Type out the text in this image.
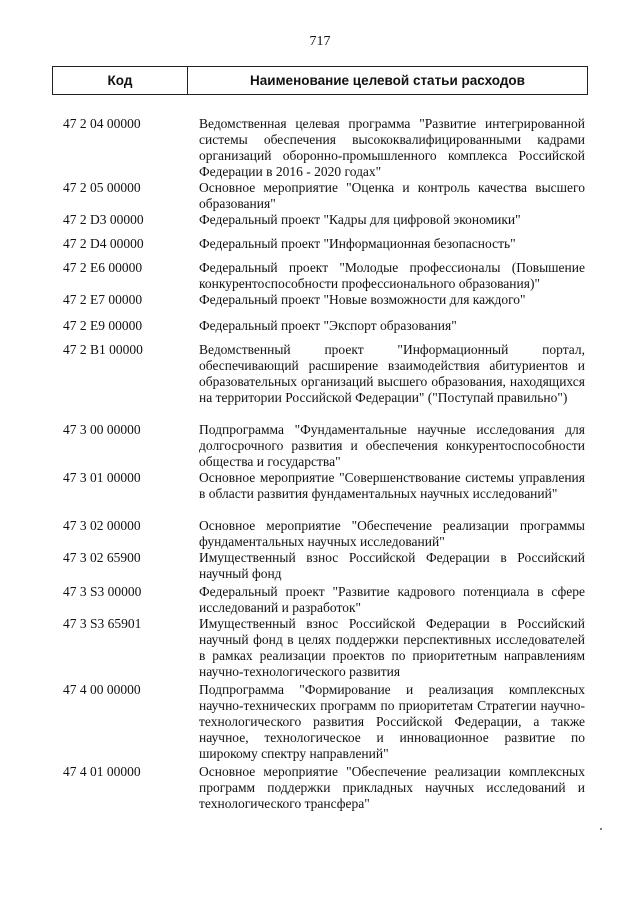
717
Код	Наименование целевой статьи расходов
47 2 04 00000	Ведомственная целевая программа "Развитие интегрированной системы обеспечения высококвалифицированными кадрами организаций оборонно-промышленного комплекса Российской Федерации в 2016 - 2020 годах"
47 2 05 00000	Основное мероприятие "Оценка и контроль качества высшего образования"
47 2 D3 00000	Федеральный проект "Кадры для цифровой экономики"
47 2 D4 00000	Федеральный проект "Информационная безопасность"
47 2 E6 00000	Федеральный проект "Молодые профессионалы (Повышение конкурентоспособности профессионального образования)"
47 2 E7 00000	Федеральный проект "Новые возможности для каждого"
47 2 E9 00000	Федеральный проект "Экспорт образования"
47 2 B1 00000	Ведомственный проект "Информационный портал, обеспечивающий расширение взаимодействия абитуриентов и образовательных организаций высшего образования, находящихся на территории Российской Федерации" ("Поступай правильно")
47 3 00 00000	Подпрограмма "Фундаментальные научные исследования для долгосрочного развития и обеспечения конкурентоспособности общества и государства"
47 3 01 00000	Основное мероприятие "Совершенствование системы управления в области развития фундаментальных научных исследований"
47 3 02 00000	Основное мероприятие "Обеспечение реализации программы фундаментальных научных исследований"
47 3 02 65900	Имущественный взнос Российской Федерации в Российский научный фонд
47 3 S3 00000	Федеральный проект "Развитие кадрового потенциала в сфере исследований и разработок"
47 3 S3 65901	Имущественный взнос Российской Федерации в Российский научный фонд в целях поддержки перспективных исследователей в рамках реализации проектов по приоритетным направлениям научно-технологического развития
47 4 00 00000	Подпрограмма "Формирование и реализация комплексных научно-технических программ по приоритетам Стратегии научно-технологического развития Российской Федерации, а также научное, технологическое и инновационное развитие по широкому спектру направлений"
47 4 01 00000	Основное мероприятие "Обеспечение реализации комплексных программ поддержки прикладных научных исследований и технологического трансфера"
